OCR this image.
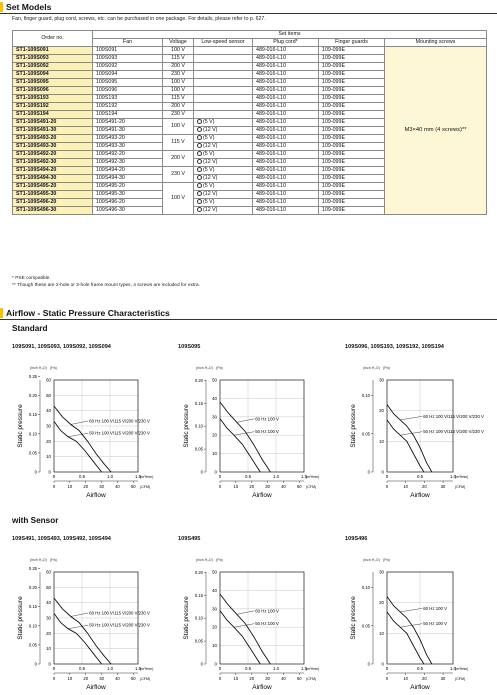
Set Models
Fan, finger guard, plug cord, screws, etc. can be purchased in one package. For details, please refer to p. 627.
Order no.	Set items					
	Fan	Voltage	Low-speed sensor	Plug cord*	Finger guards	Mounting screws
ST1-109S091	109S091	100 V		489-016-L10	109-099E	M3×40 mm (4 screws)**
ST1-109S093	109S093	115 V		489-016-L10	109-099E	
ST1-109S092	109S092	200 V		489-016-L10	109-099E	
ST1-109S094	109S094	230 V		489-016-L10	109-099E	
ST1-109S095	109S095	100 V		489-016-L10	109-099E	
ST1-109S096	109S096	100 V		489-016-L10	109-099E	
ST1-109S193	109S193	115 V		489-016-L10	109-099E	
ST1-109S192	109S192	200 V		489-016-L10	109-099E	
ST1-109S194	109S194	230 V		489-016-L10	109-099E	
ST1-109S491-20	109S491-20	100 V	(5 V)	489-016-L10	109-099E	
ST1-109S491-30	109S491-30		(12 V)	489-016-L10	109-099E	
ST1-109S493-20	109S493-20	115 V	(5 V)	489-016-L10	109-099E	
ST1-109S493-30	109S493-30		(12 V)	489-016-L10	109-099E	
ST1-109S492-20	109S492-20	200 V	(5 V)	489-016-L10	109-099E	
ST1-109S492-30	109S492-30		(12 V)	489-016-L10	109-099E	
ST1-109S494-20	109S494-20	230 V	(5 V)	489-016-L10	109-099E	
ST1-109S494-30	109S494-30		(12 V)	489-016-L10	109-099E	
ST1-109S495-20	109S495-20	100 V	(5 V)	489-016-L10	109-099E	
ST1-109S495-30	109S495-30		(12 V)	489-016-L10	109-099E	
ST1-109S496-20	109S496-20		(5 V)	489-016-L10	109-099E	
ST1-109S496-30	109S496-30		(12 V)	489-016-L10	109-099E	
* PSE compatible.
** Though these are 2-hole or 3-hole frame mount types, 4 screws are included for extra.
Airflow - Static Pressure Characteristics
Standard
with Sensor
109S091, 109S093, 109S092, 109S094	109S095	109S096, 109S193, 109S192, 109S194
109S491, 109S493, 109S492, 109S494	109S495	109S496
(inch H₂O) (Pa)
0
10
20
30
40
50
60
0
0.05
0.10
0.15
0.20
0.25
0	0.5	1.0	1.5
(m³/min)
0	10	20	30	40	50 (CFM)
Static pressure
Airflow
60 Hz 100 V/115 V/200 V/230 V
50 Hz 100 V/115 V/200 V/230 V
(inch H₂O) (Pa)
0
10
20
30
40
50
0
0.05
0.10
0.15
0.20
0	0.5	1.0	1.5
(m³/min)
0	10	20	30	40	50 (CFM)
Static pressure
Airflow
60 Hz 100 V
50 Hz 100 V
(inch H₂O) (Pa)
0
10
20
30
0
0.05
0.10
0	0.5	1.0
(m³/min)
0	10	20	30	(CFM)
Static pressure
Airflow
60 Hz 100 V/115 V/200 V/230 V
50 Hz 100 V/115 V/200 V/230 V
(inch H₂O) (Pa)
0
10
20
30
40
50
60
0
0.05
0.10
0.15
0.20
0.25
0	0.5	1.0	1.5
(m³/min)
0	10	20	30	40	50 (CFM)
Static pressure
Airflow
60 Hz 100 V/115 V/200 V/230 V
50 Hz 100 V/115 V/200 V/230 V
(inch H₂O) (Pa)
0
10
20
30
40
50
0
0.05
0.10
0.15
0.20
0	0.5	1.0	1.5
(m³/min)
0	10	20	30	40	50 (CFM)
Static pressure
Airflow
60 Hz 100 V
50 Hz 100 V
(inch H₂O) (Pa)
0
10
20
30
0
0.05
0.10
0	0.5	1.0
(m³/min)
0	10	20	30	(CFM)
Static pressure
Airflow
60 Hz 100 V
50 Hz 100 V
